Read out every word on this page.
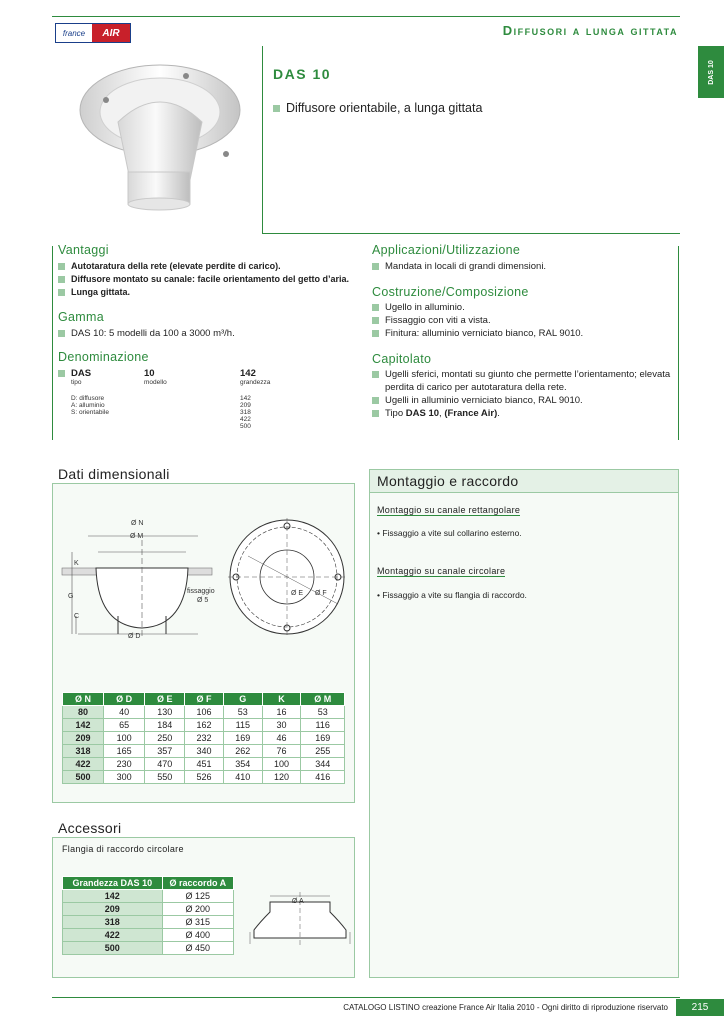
france	AIR	Diffusori a lunga gittata
DAS 10
DAS 10
Diffusore orientabile, a lunga gittata
Vantaggi
Autotaratura della rete (elevate perdite di carico).
Diffusore montato su canale: facile orientamento del getto d’aria.
Lunga gittata.
Gamma
DAS 10: 5 modelli da 100 a 3000 m³/h.
Denominazione
DAS
tipo
D: diffusore
A: alluminio
S: orientabile
10
modello
142
grandezza
142
209
318
422
500
Applicazioni/Utilizzazione
Mandata in locali di grandi dimensioni.
Costruzione/Composizione
Ugello in alluminio.
Fissaggio con viti a vista.
Finitura: alluminio verniciato bianco, RAL 9010.
Capitolato
Ugelli sferici, montati su giunto che permette l’orientamento; elevata perdita di carico per autotaratura della rete.
Ugelli in alluminio verniciato bianco, RAL 9010.
Tipo DAS 10, (France Air).
Dati dimensionali
Ø N
Ø M
K
G
C
Ø D
fissaggio
Ø 5
Ø E Ø F
Ø N	Ø D	Ø E	Ø F	G	K	Ø M
80	40	130	106	53	16	53
142	65	184	162	115	30	116
209	100	250	232	169	46	169
318	165	357	340	262	76	255
422	230	470	451	354	100	344
500	300	550	526	410	120	416
Montaggio e raccordo
Montaggio su canale rettangolare
• Fissaggio a vite sul collarino esterno.
Montaggio su canale circolare
• Fissaggio a vite su flangia di raccordo.
Accessori
Flangia di raccordo circolare
Grandezza DAS 10	Ø raccordo A
142	Ø 125
209	Ø 200
318	Ø 315
422	Ø 400
500	Ø 450
Ø A
CATALOGO LISTINO creazione France Air Italia 2010 - Ogni diritto di riproduzione riservato	215
